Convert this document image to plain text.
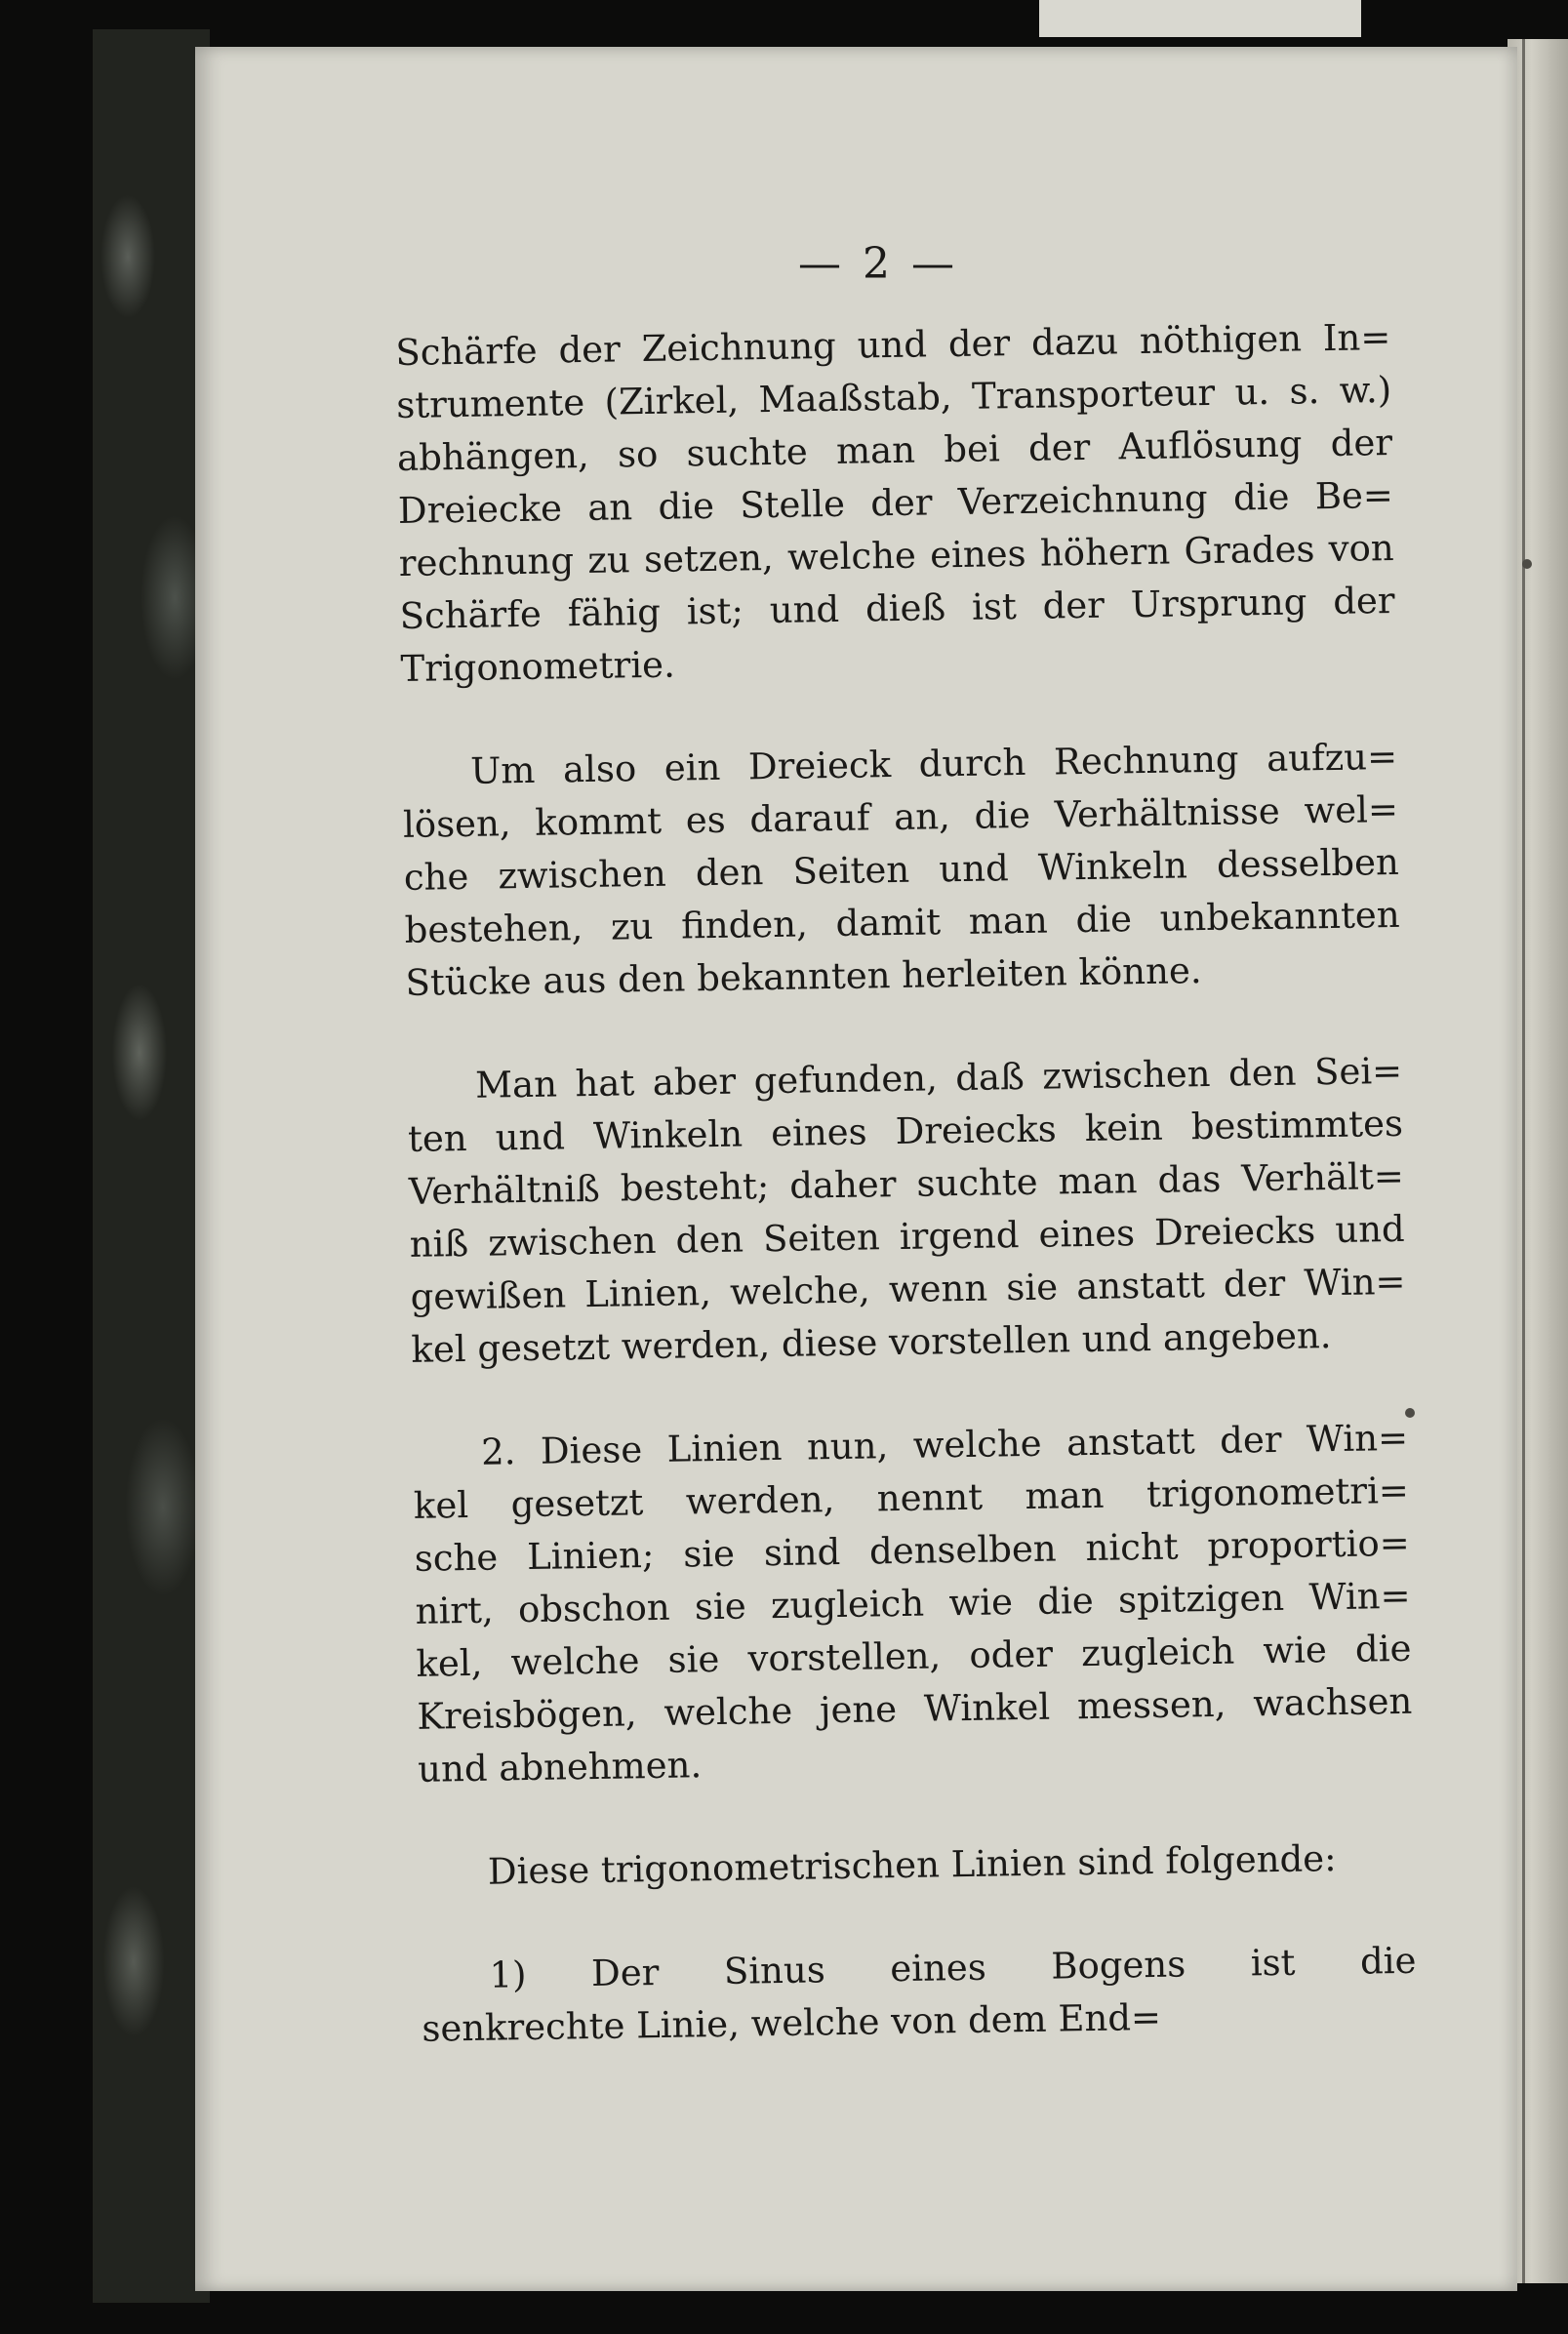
— 2 —
Schärfe der Zeichnung und der dazu nöthigen In=
strumente (Zirkel, Maaßstab, Transporteur u. s. w.)
abhängen, so suchte man bei der Auflösung der
Dreiecke an die Stelle der Verzeichnung die Be=
rechnung zu setzen, welche eines höhern Grades von
Schärfe fähig ist; und dieß ist der Ursprung der
Trigonometrie.
Um also ein Dreieck durch Rechnung aufzu=
lösen, kommt es darauf an, die Verhältnisse wel=
che zwischen den Seiten und Winkeln desselben
bestehen, zu finden, damit man die unbekannten
Stücke aus den bekannten herleiten könne.
Man hat aber gefunden, daß zwischen den Sei=
ten und Winkeln eines Dreiecks kein bestimmtes
Verhältniß besteht; daher suchte man das Verhält=
niß zwischen den Seiten irgend eines Dreiecks und
gewißen Linien, welche, wenn sie anstatt der Win=
kel gesetzt werden, diese vorstellen und angeben.
2. Diese Linien nun, welche anstatt der Win=
kel gesetzt werden, nennt man trigonometri=
sche Linien; sie sind denselben nicht proportio=
nirt, obschon sie zugleich wie die spitzigen Win=
kel, welche sie vorstellen, oder zugleich wie die
Kreisbögen, welche jene Winkel messen, wachsen
und abnehmen.
Diese trigonometrischen Linien sind folgende:
1) Der Sinus eines Bogens ist die
senkrechte Linie, welche von dem End=
